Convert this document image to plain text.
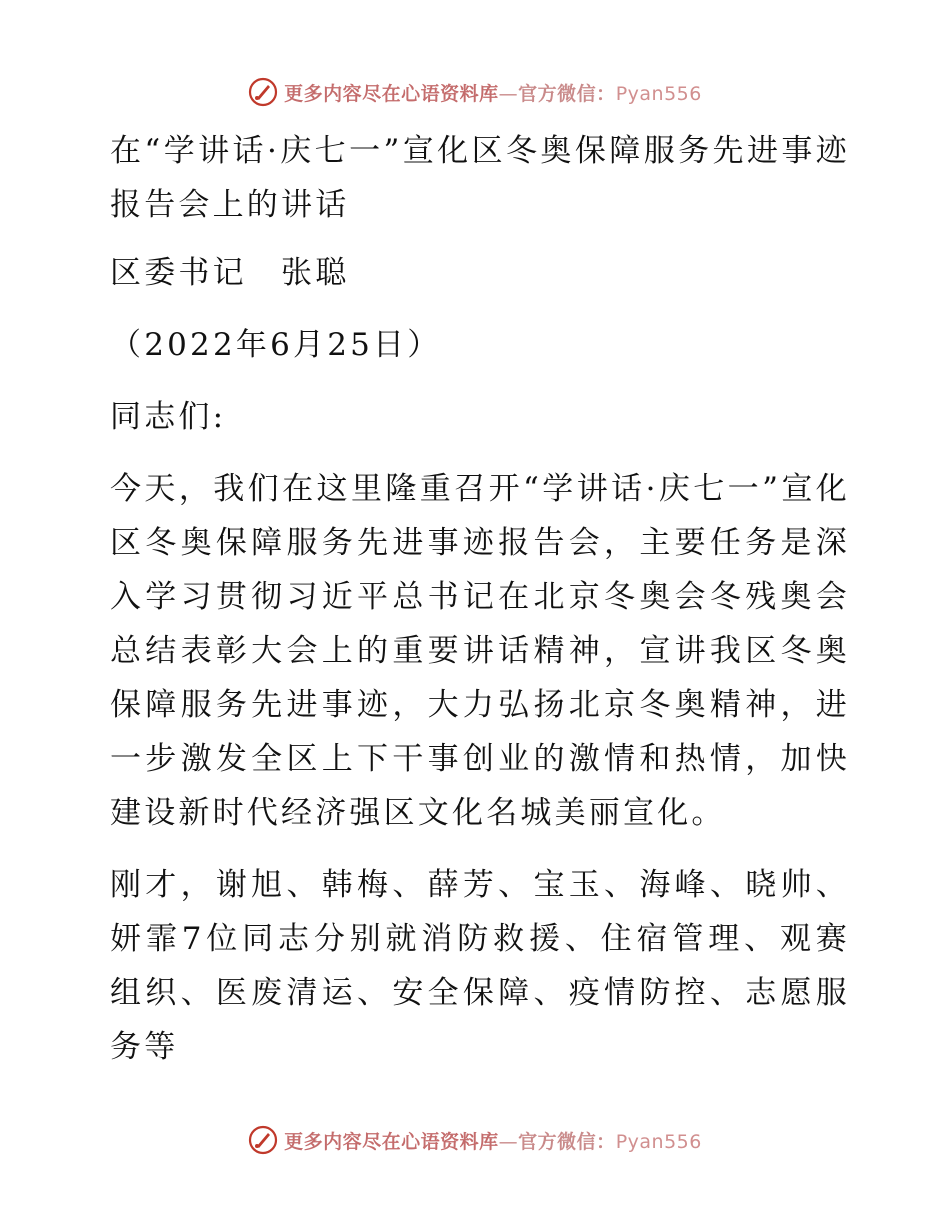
更多内容尽在心语资料库—官方微信：Pyan556

在“学讲话·庆七一”宣化区冬奥保障服务先进事迹报告会上的讲话

区委书记　张聪

（2022年6月25日）

同志们:

今天，我们在这里隆重召开“学讲话·庆七一”宣化区冬奥保障服务先进事迹报告会，主要任务是深入学习贯彻习近平总书记在北京冬奥会冬残奥会总结表彰大会上的重要讲话精神，宣讲我区冬奥保障服务先进事迹，大力弘扬北京冬奥精神，进一步激发全区上下干事创业的激情和热情，加快建设新时代经济强区文化名城美丽宣化。

刚才，谢旭、韩梅、薛芳、宝玉、海峰、晓帅、妍霏7位同志分别就消防救援、住宿管理、观赛组织、医废清运、安全保障、疫情防控、志愿服务等

更多内容尽在心语资料库—官方微信：Pyan556
